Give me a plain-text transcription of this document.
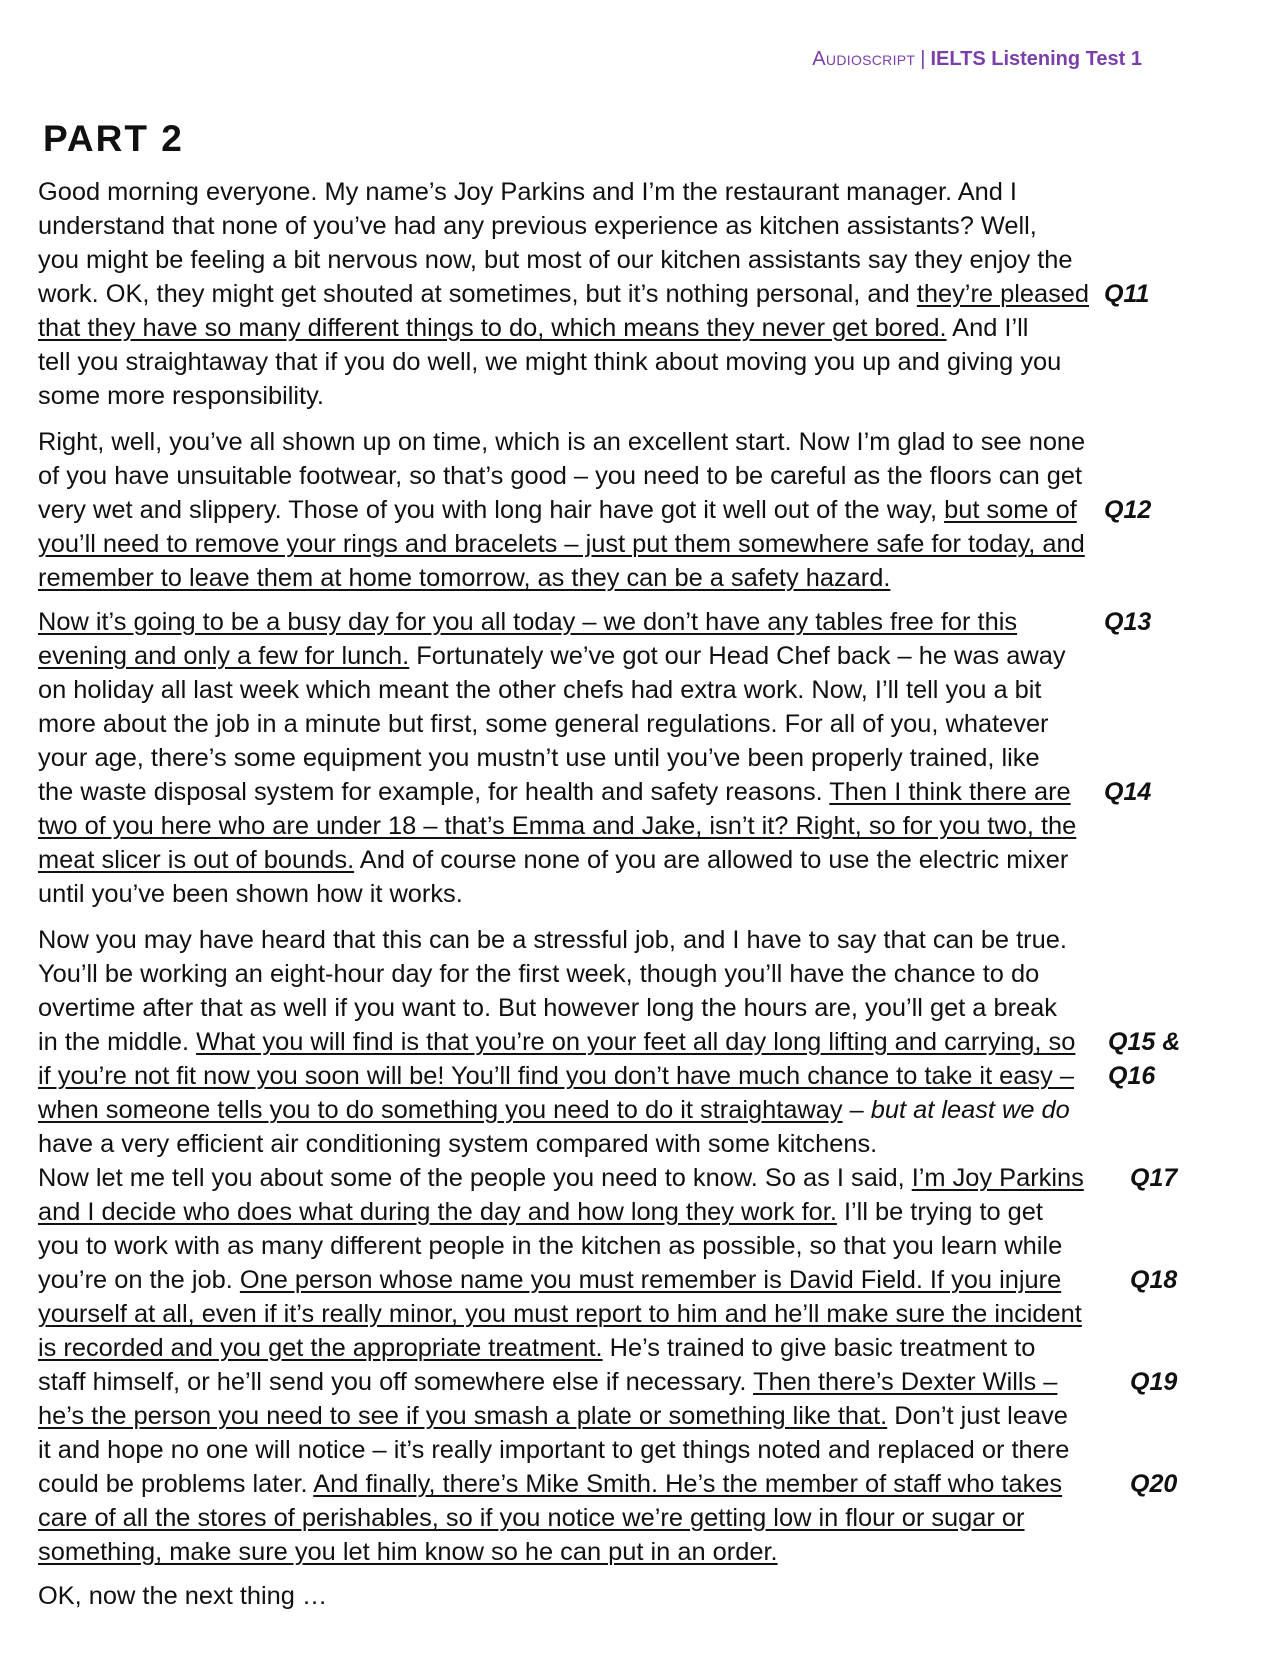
Audioscript | IELTS Listening Test 1
PART 2
Good morning everyone. My name’s Joy Parkins and I’m the restaurant manager. And I
understand that none of you’ve had any previous experience as kitchen assistants? Well,
you might be feeling a bit nervous now, but most of our kitchen assistants say they enjoy the
work. OK, they might get shouted at sometimes, but it’s nothing personal, and they’re pleased
that they have so many different things to do, which means they never get bored. And I’ll
tell you straightaway that if you do well, we might think about moving you up and giving you
some more responsibility.
Q11
Right, well, you’ve all shown up on time, which is an excellent start. Now I’m glad to see none
of you have unsuitable footwear, so that’s good – you need to be careful as the floors can get
very wet and slippery. Those of you with long hair have got it well out of the way, but some of
you’ll need to remove your rings and bracelets – just put them somewhere safe for today, and
remember to leave them at home tomorrow, as they can be a safety hazard.
Q12
Now it’s going to be a busy day for you all today – we don’t have any tables free for this
evening and only a few for lunch. Fortunately we’ve got our Head Chef back – he was away
on holiday all last week which meant the other chefs had extra work. Now, I’ll tell you a bit
more about the job in a minute but first, some general regulations. For all of you, whatever
your age, there’s some equipment you mustn’t use until you’ve been properly trained, like
the waste disposal system for example, for health and safety reasons. Then I think there are
two of you here who are under 18 – that’s Emma and Jake, isn’t it? Right, so for you two, the
meat slicer is out of bounds. And of course none of you are allowed to use the electric mixer
until you’ve been shown how it works.
Q13
Q14
Now you may have heard that this can be a stressful job, and I have to say that can be true.
You’ll be working an eight-hour day for the first week, though you’ll have the chance to do
overtime after that as well if you want to. But however long the hours are, you’ll get a break
in the middle. What you will find is that you’re on your feet all day long lifting and carrying, so
if you’re not fit now you soon will be! You’ll find you don’t have much chance to take it easy –
when someone tells you to do something you need to do it straightaway – but at least we do
have a very efficient air conditioning system compared with some kitchens.
Q15 &
Q16
Now let me tell you about some of the people you need to know. So as I said, I’m Joy Parkins
and I decide who does what during the day and how long they work for. I’ll be trying to get
you to work with as many different people in the kitchen as possible, so that you learn while
you’re on the job. One person whose name you must remember is David Field. If you injure
yourself at all, even if it’s really minor, you must report to him and he’ll make sure the incident
is recorded and you get the appropriate treatment. He’s trained to give basic treatment to
staff himself, or he’ll send you off somewhere else if necessary. Then there’s Dexter Wills –
he’s the person you need to see if you smash a plate or something like that. Don’t just leave
it and hope no one will notice – it’s really important to get things noted and replaced or there
could be problems later. And finally, there’s Mike Smith. He’s the member of staff who takes
care of all the stores of perishables, so if you notice we’re getting low in flour or sugar or
something, make sure you let him know so he can put in an order.
Q17
Q18
Q19
Q20
OK, now the next thing …
